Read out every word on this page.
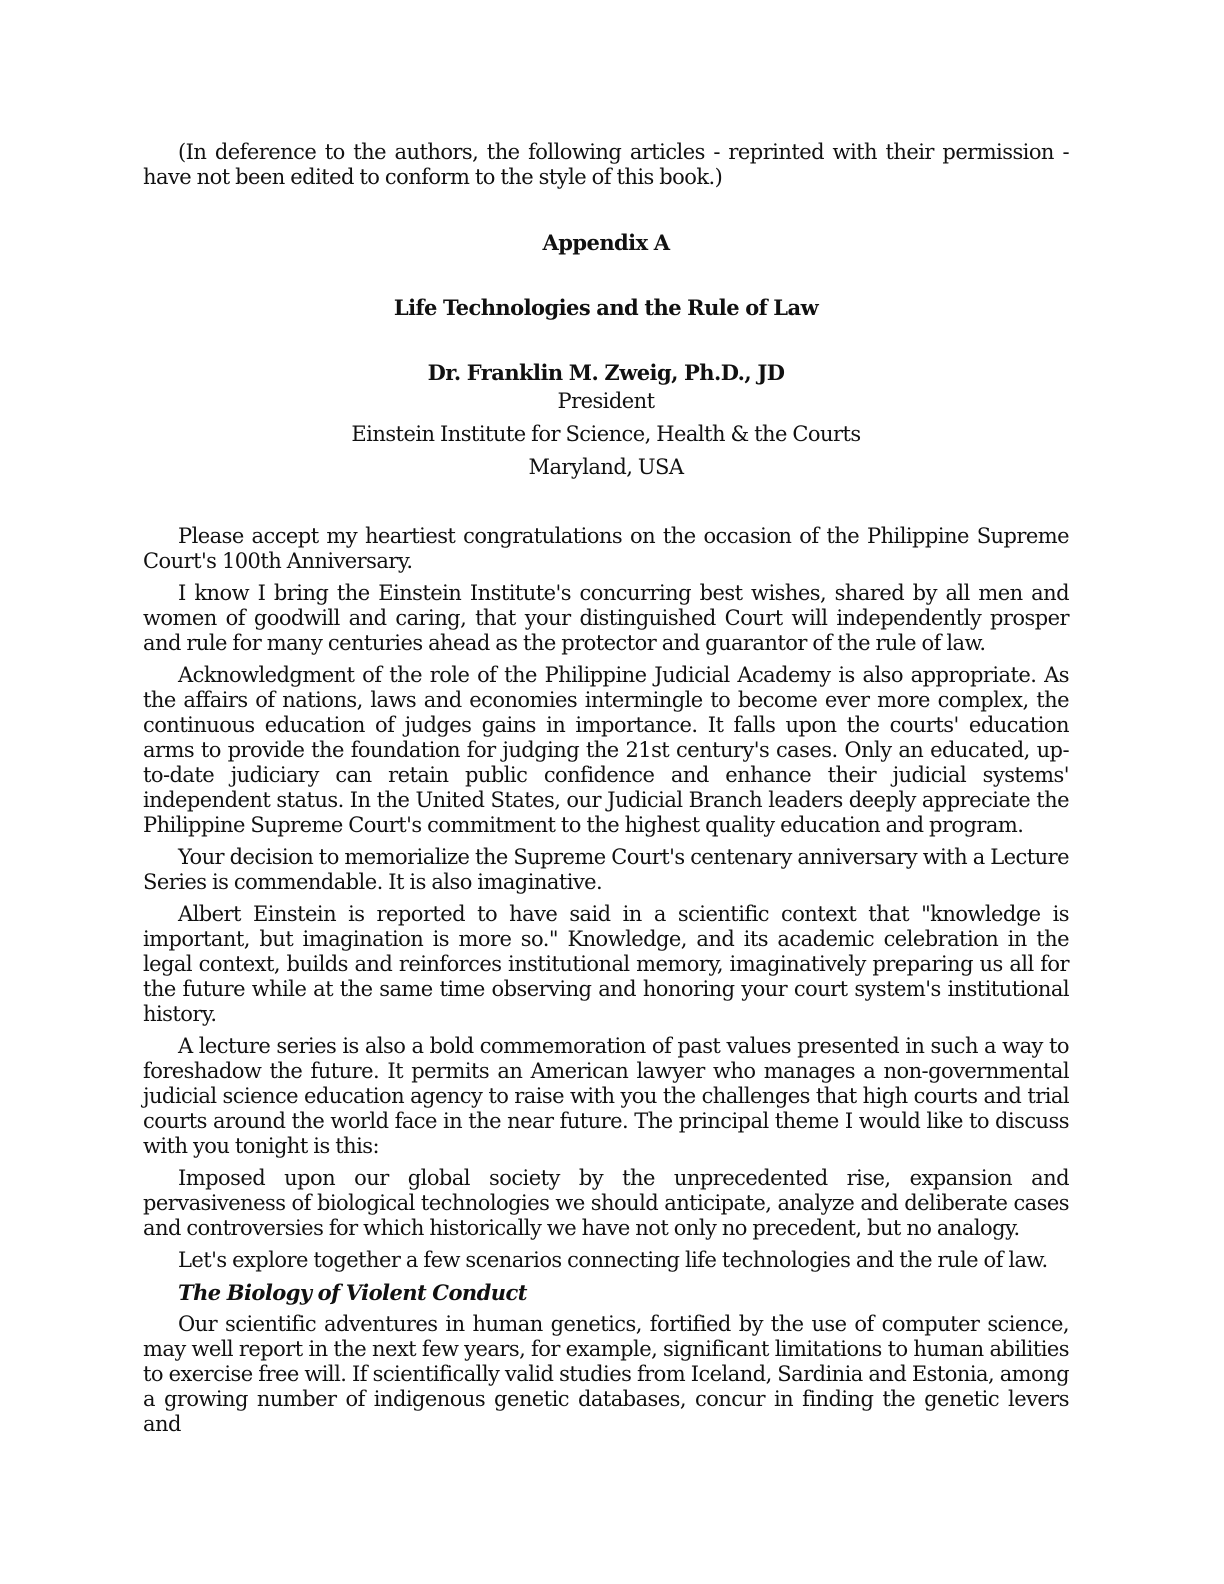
(In deference to the authors, the following articles - reprinted with their permission - have not been edited to conform to the style of this book.)

Appendix A

Life Technologies and the Rule of Law

Dr. Franklin M. Zweig, Ph.D., JD

President

Einstein Institute for Science, Health & the Courts

Maryland, USA

Please accept my heartiest congratulations on the occasion of the Philippine Supreme Court's 100th Anniversary.

I know I bring the Einstein Institute's concurring best wishes, shared by all men and women of goodwill and caring, that your distinguished Court will independently prosper and rule for many centuries ahead as the protector and guarantor of the rule of law.

Acknowledgment of the role of the Philippine Judicial Academy is also appropriate. As the affairs of nations, laws and economies intermingle to become ever more complex, the continuous education of judges gains in importance. It falls upon the courts' education arms to provide the foundation for judging the 21st century's cases. Only an educated, up-to-date judiciary can retain public confidence and enhance their judicial systems' independent status. In the United States, our Judicial Branch leaders deeply appreciate the Philippine Supreme Court's commitment to the highest quality education and program.

Your decision to memorialize the Supreme Court's centenary anniversary with a Lecture Series is commendable. It is also imaginative.

Albert Einstein is reported to have said in a scientific context that "knowledge is important, but imagination is more so." Knowledge, and its academic celebration in the legal context, builds and reinforces institutional memory, imaginatively preparing us all for the future while at the same time observing and honoring your court system's institutional history.

A lecture series is also a bold commemoration of past values presented in such a way to foreshadow the future. It permits an American lawyer who manages a non-governmental judicial science education agency to raise with you the challenges that high courts and trial courts around the world face in the near future. The principal theme I would like to discuss with you tonight is this:

Imposed upon our global society by the unprecedented rise, expansion and pervasiveness of biological technologies we should anticipate, analyze and deliberate cases and controversies for which historically we have not only no precedent, but no analogy.

Let's explore together a few scenarios connecting life technologies and the rule of law.

The Biology of Violent Conduct

Our scientific adventures in human genetics, fortified by the use of computer science, may well report in the next few years, for example, significant limitations to human abilities to exercise free will. If scientifically valid studies from Iceland, Sardinia and Estonia, among a growing number of indigenous genetic databases, concur in finding the genetic levers and
